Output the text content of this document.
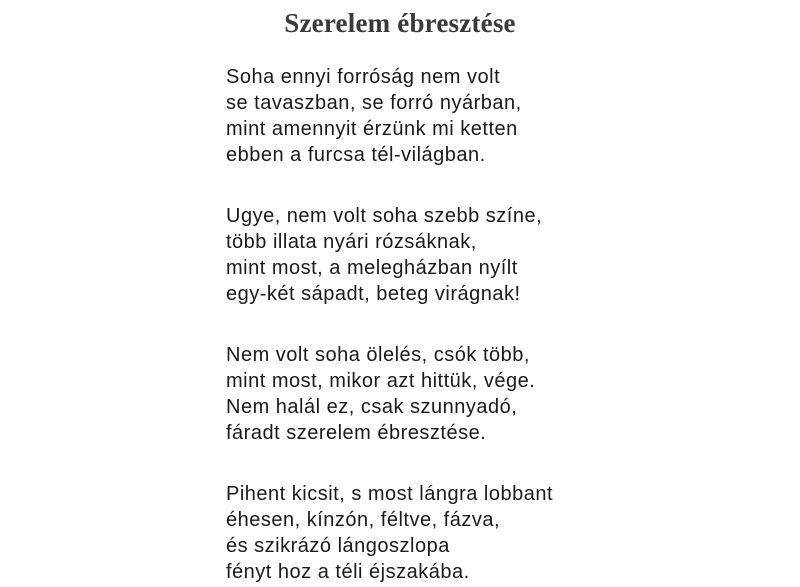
Szerelem ébresztése
Soha ennyi forróság nem volt
se tavaszban, se forró nyárban,
mint amennyit érzünk mi ketten
ebben a furcsa tél-világban.
Ugye, nem volt soha szebb színe,
több illata nyári rózsáknak,
mint most, a melegházban nyílt
egy-két sápadt, beteg virágnak!
Nem volt soha ölelés, csók több,
mint most, mikor azt hittük, vége.
Nem halál ez, csak szunnyadó,
fáradt szerelem ébresztése.
Pihent kicsit, s most lángra lobbant
éhesen, kínzón, féltve, fázva,
és szikrázó lángoszlopa
fényt hoz a téli éjszakába.
